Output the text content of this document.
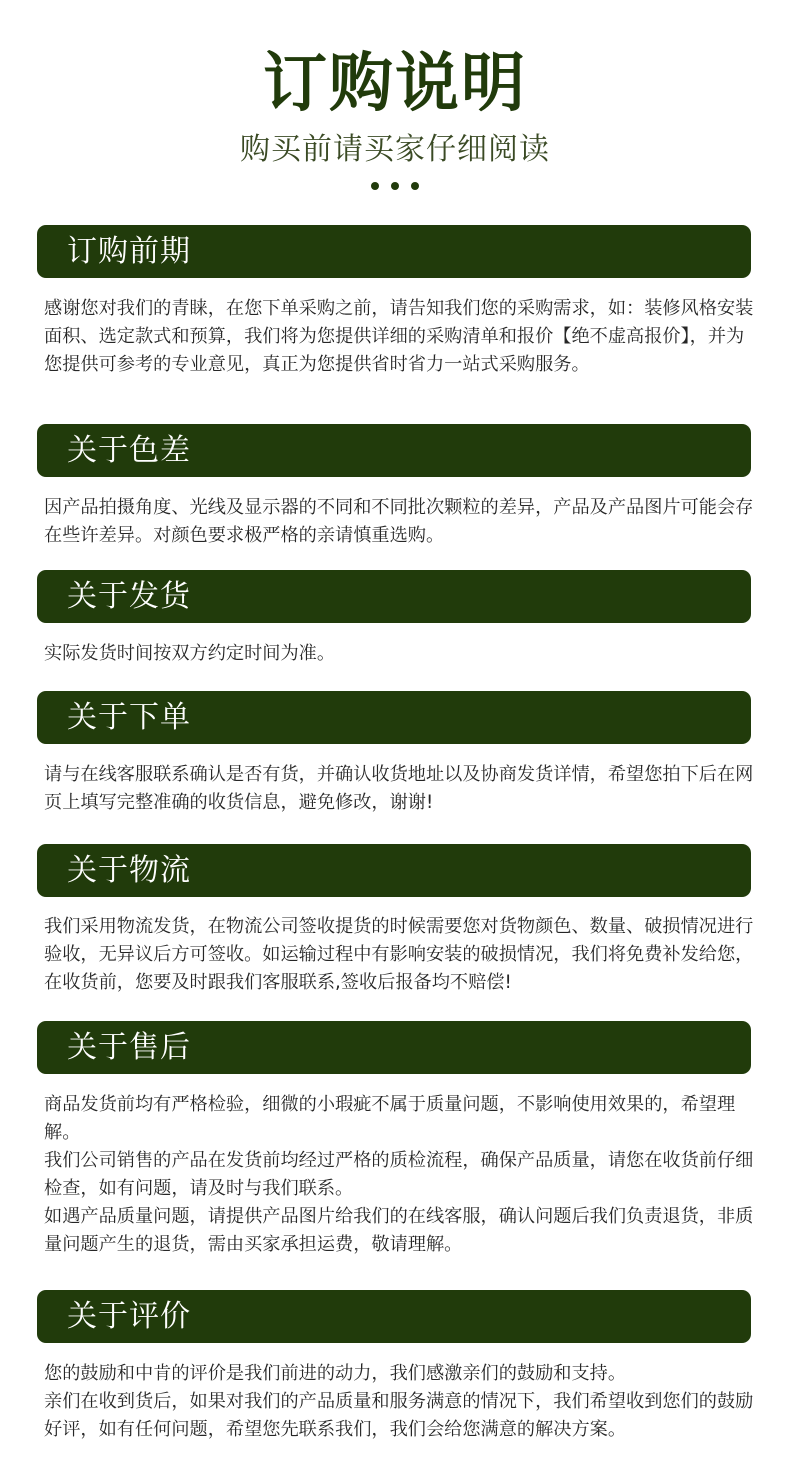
订购说明
购买前请买家仔细阅读
订购前期

感谢您对我们的青睐，在您下单采购之前，请告知我们您的采购需求，如：装修风格安装面积、选定款式和预算，我们将为您提供详细的采购清单和报价【绝不虚高报价】，并为您提供可参考的专业意见，真正为您提供省时省力一站式采购服务。

关于色差

因产品拍摄角度、光线及显示器的不同和不同批次颗粒的差异，产品及产品图片可能会存在些许差异。对颜色要求极严格的亲请慎重选购。

关于发货

实际发货时间按双方约定时间为准。

关于下单

请与在线客服联系确认是否有货，并确认收货地址以及协商发货详情，希望您拍下后在网页上填写完整准确的收货信息，避免修改，谢谢!

关于物流

我们采用物流发货，在物流公司签收提货的时候需要您对货物颜色、数量、破损情况进行验收，无异议后方可签收。如运输过程中有影响安装的破损情况，我们将免费补发给您，在收货前，您要及时跟我们客服联系,签收后报备均不赔偿!

关于售后

商品发货前均有严格检验，细微的小瑕疵不属于质量问题，不影响使用效果的，希望理解。

我们公司销售的产品在发货前均经过严格的质检流程，确保产品质量，请您在收货前仔细检查，如有问题，请及时与我们联系。

如遇产品质量问题，请提供产品图片给我们的在线客服，确认问题后我们负责退货，非质量问题产生的退货，需由买家承担运费，敬请理解。

关于评价

您的鼓励和中肯的评价是我们前进的动力，我们感激亲们的鼓励和支持。

亲们在收到货后，如果对我们的产品质量和服务满意的情况下，我们希望收到您们的鼓励好评，如有任何问题，希望您先联系我们，我们会给您满意的解决方案。
